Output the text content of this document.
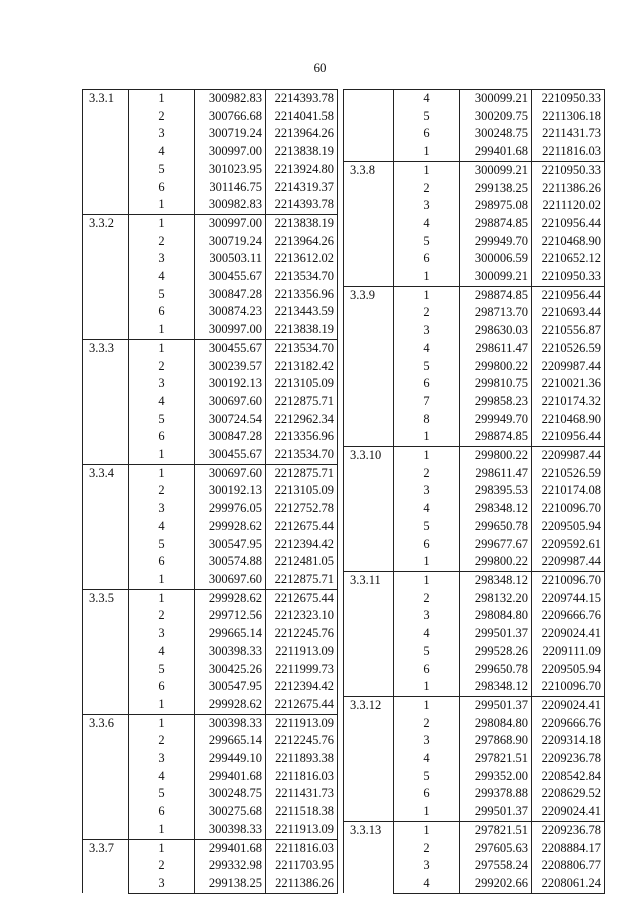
60
3.3.1	1	300982.83	2214393.78
	2	300766.68	2214041.58
	3	300719.24	2213964.26
	4	300997.00	2213838.19
	5	301023.95	2213924.80
	6	301146.75	2214319.37
	1	300982.83	2214393.78
3.3.2	1	300997.00	2213838.19
	2	300719.24	2213964.26
	3	300503.11	2213612.02
	4	300455.67	2213534.70
	5	300847.28	2213356.96
	6	300874.23	2213443.59
	1	300997.00	2213838.19
3.3.3	1	300455.67	2213534.70
	2	300239.57	2213182.42
	3	300192.13	2213105.09
	4	300697.60	2212875.71
	5	300724.54	2212962.34
	6	300847.28	2213356.96
	1	300455.67	2213534.70
3.3.4	1	300697.60	2212875.71
	2	300192.13	2213105.09
	3	299976.05	2212752.78
	4	299928.62	2212675.44
	5	300547.95	2212394.42
	6	300574.88	2212481.05
	1	300697.60	2212875.71
3.3.5	1	299928.62	2212675.44
	2	299712.56	2212323.10
	3	299665.14	2212245.76
	4	300398.33	2211913.09
	5	300425.26	2211999.73
	6	300547.95	2212394.42
	1	299928.62	2212675.44
3.3.6	1	300398.33	2211913.09
	2	299665.14	2212245.76
	3	299449.10	2211893.38
	4	299401.68	2211816.03
	5	300248.75	2211431.73
	6	300275.68	2211518.38
	1	300398.33	2211913.09
3.3.7	1	299401.68	2211816.03
	2	299332.98	2211703.95
	3	299138.25	2211386.26
	4	300099.21	2210950.33
	5	300209.75	2211306.18
	6	300248.75	2211431.73
	1	299401.68	2211816.03
3.3.8	1	300099.21	2210950.33
	2	299138.25	2211386.26
	3	298975.08	2211120.02
	4	298874.85	2210956.44
	5	299949.70	2210468.90
	6	300006.59	2210652.12
	1	300099.21	2210950.33
3.3.9	1	298874.85	2210956.44
	2	298713.70	2210693.44
	3	298630.03	2210556.87
	4	298611.47	2210526.59
	5	299800.22	2209987.44
	6	299810.75	2210021.36
	7	299858.23	2210174.32
	8	299949.70	2210468.90
	1	298874.85	2210956.44
3.3.10	1	299800.22	2209987.44
	2	298611.47	2210526.59
	3	298395.53	2210174.08
	4	298348.12	2210096.70
	5	299650.78	2209505.94
	6	299677.67	2209592.61
	1	299800.22	2209987.44
3.3.11	1	298348.12	2210096.70
	2	298132.20	2209744.15
	3	298084.80	2209666.76
	4	299501.37	2209024.41
	5	299528.26	2209111.09
	6	299650.78	2209505.94
	1	298348.12	2210096.70
3.3.12	1	299501.37	2209024.41
	2	298084.80	2209666.76
	3	297868.90	2209314.18
	4	297821.51	2209236.78
	5	299352.00	2208542.84
	6	299378.88	2208629.52
	1	299501.37	2209024.41
3.3.13	1	297821.51	2209236.78
	2	297605.63	2208884.17
	3	297558.24	2208806.77
	4	299202.66	2208061.24
